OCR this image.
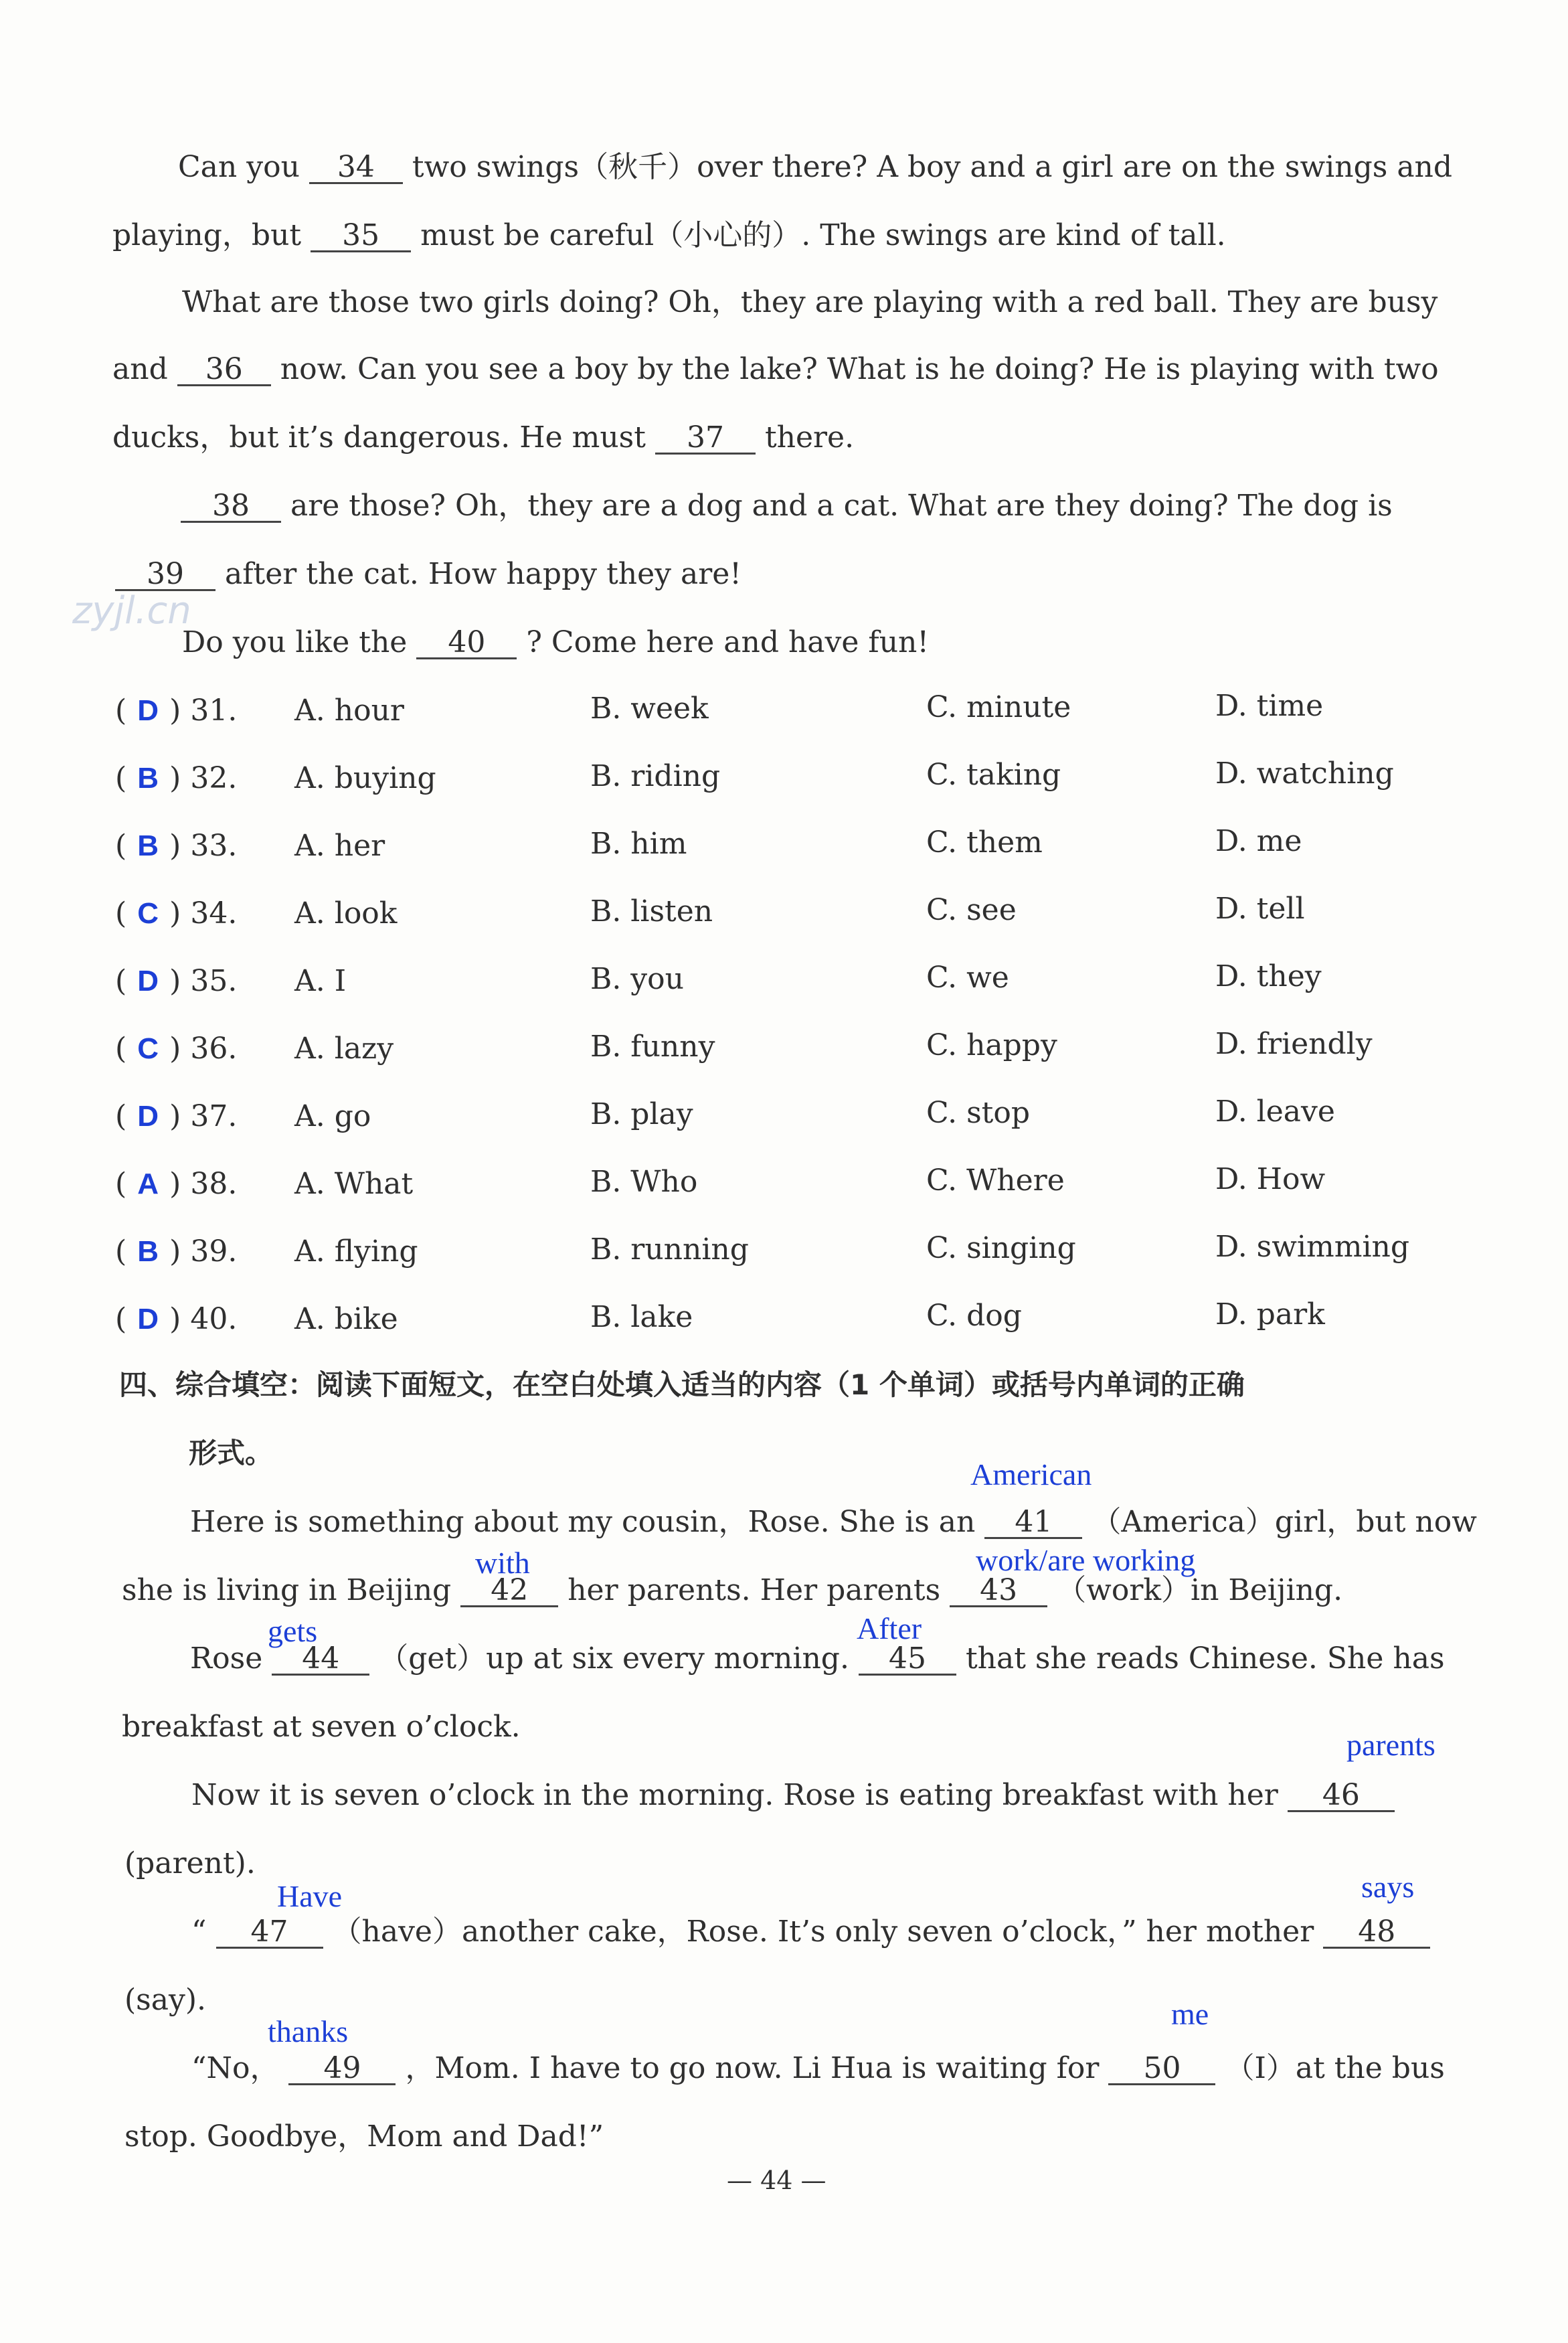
zyjl.cn
Can you 34 two swings（秋千）over there? A boy and a girl are on the swings and
playing，but 35 must be careful（小心的）. The swings are kind of tall.
What are those two girls doing? Oh，they are playing with a red ball. They are busy
and 36 now. Can you see a boy by the lake? What is he doing? He is playing with two
ducks，but it’s dangerous. He must 37 there.
38 are those? Oh，they are a dog and a cat. What are they doing? The dog is
39 after the cat. How happy they are!
Do you like the 40 ? Come here and have fun!
( D ) 31. A. hour	B. week	C. minute	D. time
( B ) 32. A. buying	B. riding	C. taking	D. watching
( B ) 33. A. her	B. him	C. them	D. me
( C ) 34. A. look	B. listen	C. see	D. tell
( D ) 35. A. I	B. you	C. we	D. they
( C ) 36. A. lazy	B. funny	C. happy	D. friendly
( D ) 37. A. go	B. play	C. stop	D. leave
( A ) 38. A. What	B. Who	C. Where	D. How
( B ) 39. A. flying	B. running	C. singing	D. swimming
( D ) 40. A. bike	B. lake	C. dog	D. park
四、综合填空：阅读下面短文，在空白处填入适当的内容（1 个单词）或括号内单词的正确
形式。
Here is something about my cousin，Rose. She is an 41 （America）girl，but now
she is living in Beijing 42 her parents. Her parents 43 （work）in Beijing.
Rose 44 （get）up at six every morning. 45 that she reads Chinese. She has
breakfast at seven o’clock.
Now it is seven o’clock in the morning. Rose is eating breakfast with her 46
(parent).
“ 47 （have）another cake，Rose. It’s only seven o’clock，” her mother 48
(say).
“No， 49 ，Mom. I have to go now. Li Hua is waiting for 50 （I）at the bus
stop. Goodbye，Mom and Dad!”
American
with	work/are working
gets	After
parents
Have	says
thanks
me
— 44 —
